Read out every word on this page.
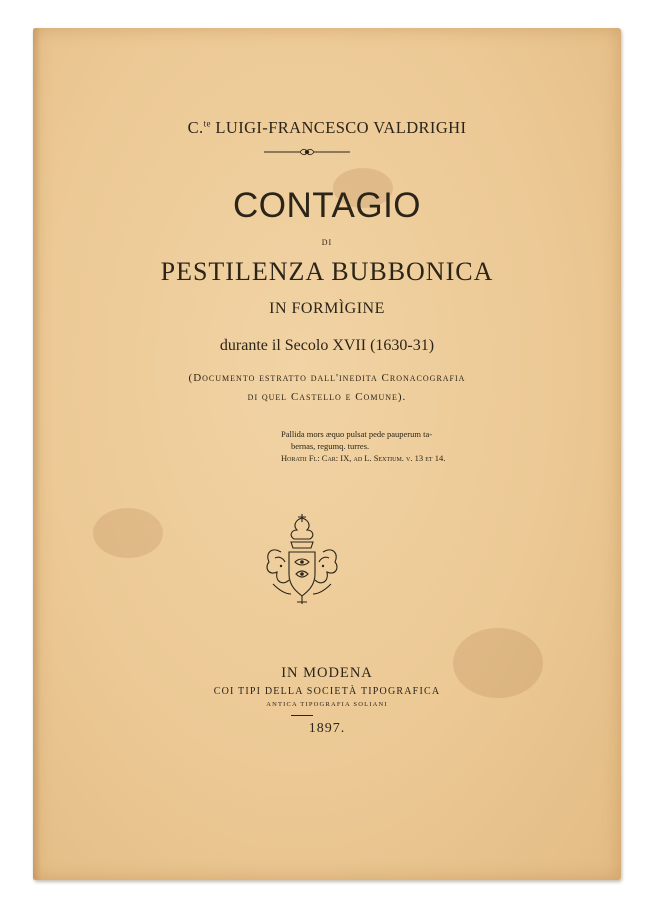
C.$^{te}$ LUIGI-FRANCESCO VALDRIGHI
CONTAGIO
DI
PESTILENZA BUBBONICA
IN FORMÌGINE
durante il Secolo XVII (1630-31)
(Documento estratto dall'inedita Cronacografia
di quel Castello e Comune).
Pallida mors æquo pulsat pede pauperum ta-
bernas, regumq. turres.
Horatii Fl: Car: IX, ad L. Sextium. v. 13 et 14.
IN MODENA
COI TIPI DELLA SOCIETÀ TIPOGRAFICA
ANTICA TIPOGRAFIA SOLIANI
1897.
